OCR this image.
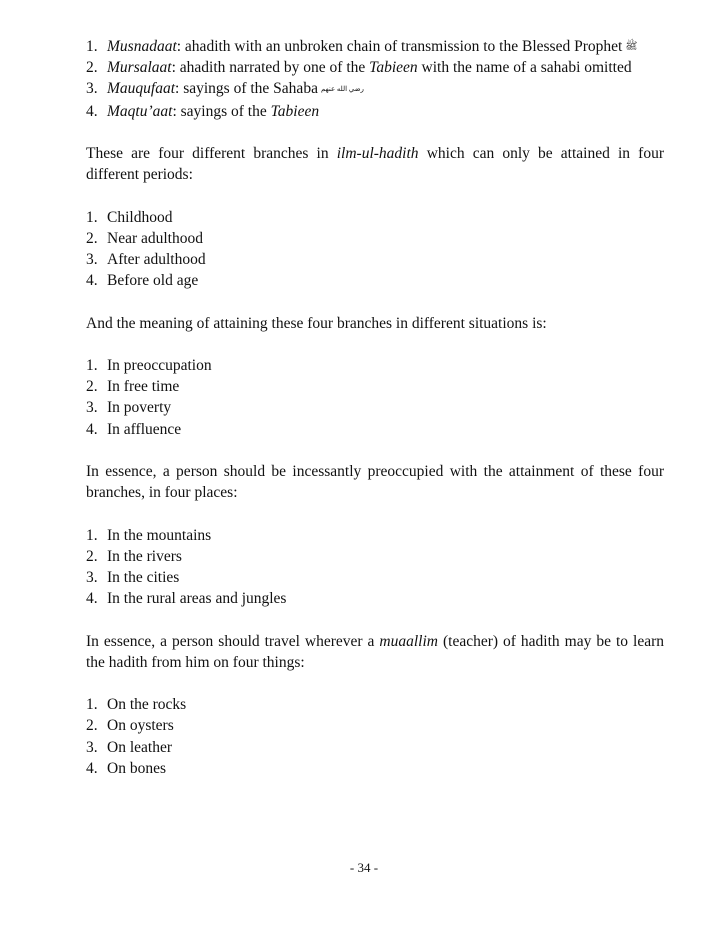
1. Musnadaat: ahadith with an unbroken chain of transmission to the Blessed Prophet ﷺ
2. Mursalaat: ahadith narrated by one of the Tabieen with the name of a sahabi omitted
3. Mauqufaat: sayings of the Sahaba رضي الله عنهم
4. Maqtu’aat: sayings of the Tabieen

These are four different branches in ilm-ul-hadith which can only be attained in four different periods:

1. Childhood
2. Near adulthood
3. After adulthood
4. Before old age

And the meaning of attaining these four branches in different situations is:

1. In preoccupation
2. In free time
3. In poverty
4. In affluence

In essence, a person should be incessantly preoccupied with the attainment of these four branches, in four places:

1. In the mountains
2. In the rivers
3. In the cities
4. In the rural areas and jungles

In essence, a person should travel wherever a muaallim (teacher) of hadith may be to learn the hadith from him on four things:

1. On the rocks
2. On oysters
3. On leather
4. On bones
- 34 -
